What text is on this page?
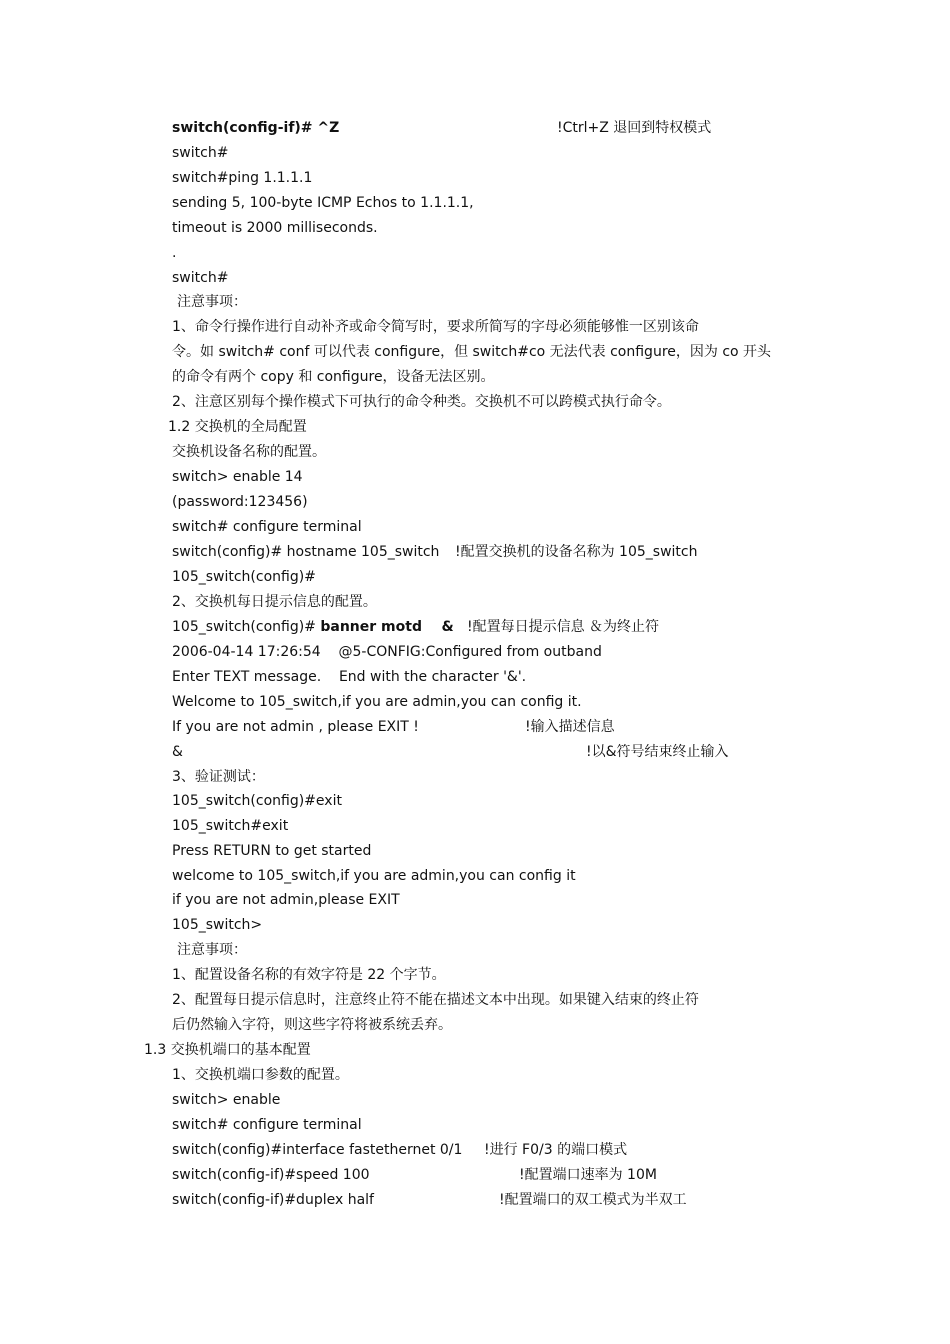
switch(config-if)# ^Z	!Ctrl+Z 退回到特权模式
switch#
switch#ping 1.1.1.1
sending 5, 100-byte ICMP Echos to 1.1.1.1,
timeout is 2000 milliseconds.
.
switch#
注意事项：
1、命令行操作进行自动补齐或命令简写时，要求所简写的字母必须能够惟一区别该命
令。如 switch# conf 可以代表 configure，但 switch#co 无法代表 configure，因为 co 开头
的命令有两个 copy 和 configure，设备无法区别。
2、注意区别每个操作模式下可执行的命令种类。交换机不可以跨模式执行命令。
1.2 交换机的全局配置
交换机设备名称的配置。
switch> enable 14
(password:123456)
switch# configure terminal
switch(config)# hostname 105_switch !配置交换机的设备名称为 105_switch
105_switch(config)#
2、交换机每日提示信息的配置。
105_switch(config)# banner motd    & !配置每日提示信息 ＆为终止符
2006-04-14 17:26:54    @5-CONFIG:Configured from outband
Enter TEXT message.    End with the character '&'.
Welcome to 105_switch,if you are admin,you can config it.
If you are not admin , please EXIT !	!输入描述信息
&	!以&符号结束终止输入
3、验证测试：
105_switch(config)#exit
105_switch#exit
Press RETURN to get started
welcome to 105_switch,if you are admin,you can config it
if you are not admin,please EXIT
105_switch>
注意事项：
1、配置设备名称的有效字符是 22 个字节。
2、配置每日提示信息时，注意终止符不能在描述文本中出现。如果键入结束的终止符
后仍然输入字符，则这些字符将被系统丢弃。
1.3 交换机端口的基本配置
1、交换机端口参数的配置。
switch> enable
switch# configure terminal
switch(config)#interface fastethernet 0/1 !进行 F0/3 的端口模式
switch(config-if)#speed 100	!配置端口速率为 10M
switch(config-if)#duplex half	!配置端口的双工模式为半双工
